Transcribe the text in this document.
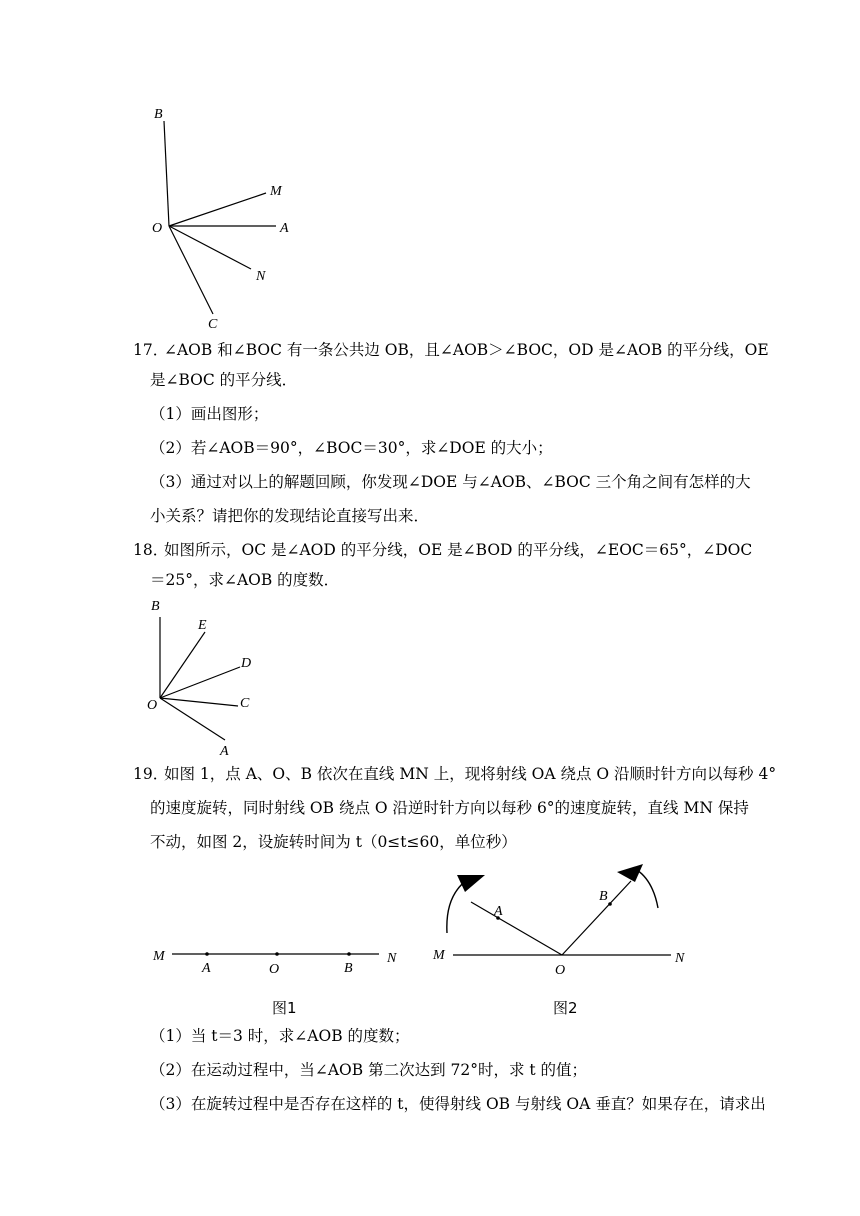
B
M
O	A
N
C
17．
∠AOB 和∠BOC 有一条公共边 OB，且∠AOB＞∠BOC，OD 是∠AOB 的平分线，OE
是∠BOC 的平分线．
（1）画出图形；
（2）若∠AOB＝90°，∠BOC＝30°，求∠DOE 的大小；
（3）通过对以上的解题回顾，你发现∠DOE 与∠AOB、∠BOC 三个角之间有怎样的大
小关系？请把你的发现结论直接写出来．
18．
如图所示，OC 是∠AOD 的平分线，OE 是∠BOD 的平分线，∠EOC＝65°，∠DOC
＝25°，求∠AOB 的度数．
B
E
D
O	C
A
19．
如图 1，点 A、O、B 依次在直线 MN 上，现将射线 OA 绕点 O 沿顺时针方向以每秒 4°
的速度旋转，同时射线 OB 绕点 O 沿逆时针方向以每秒 6°的速度旋转，直线 MN 保持
不动，如图 2，设旋转时间为 t（0≤t≤60，单位秒）
M
A	O	B
N
图1
M
A
O
B
N
图2
（1）当 t＝3 时，求∠AOB 的度数；
（2）在运动过程中，当∠AOB 第二次达到 72°时，求 t 的值；
（3）在旋转过程中是否存在这样的 t，使得射线 OB 与射线 OA 垂直？如果存在，请求出
